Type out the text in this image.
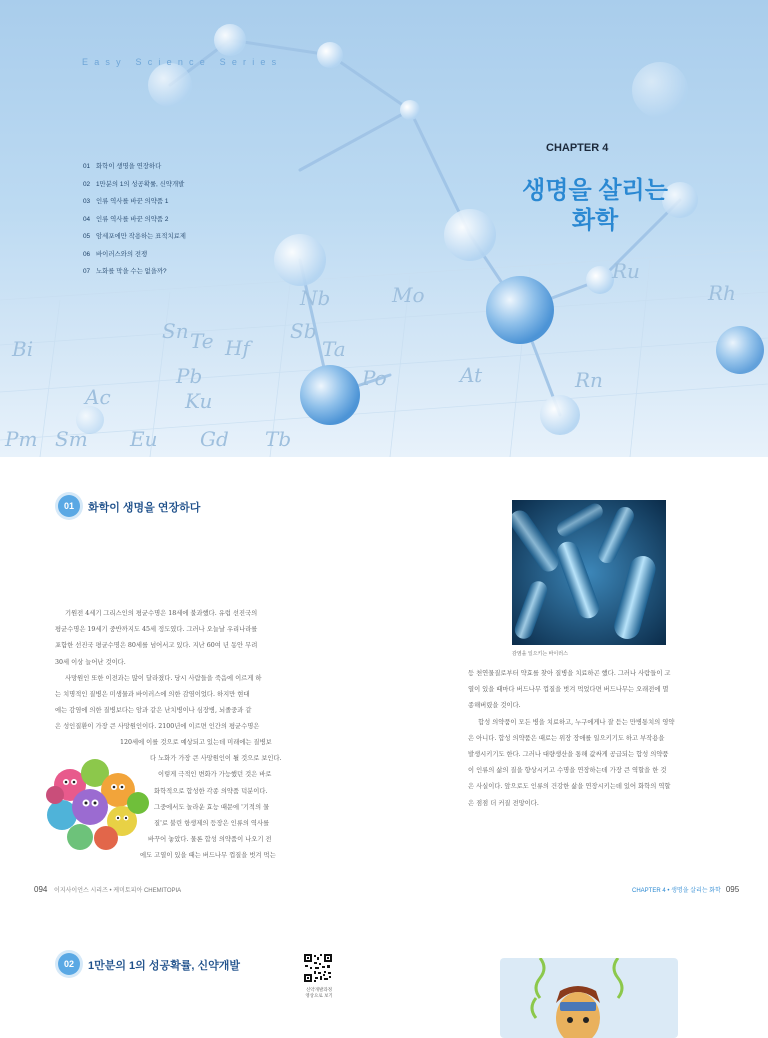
Ru
Rh
Mo
Nb
Sn	Sb
Te Hf	Ta
Po	At	Rn
Pb
Bi
Ac	Ku
Pm Sm Eu Gd Tb
Easy Science Series
01 화학이 생명을 연장하다
02 1만분의 1의 성공확률, 신약개발
03 인류 역사를 바꾼 의약품 1
04 인류 역사를 바꾼 의약품 2
05 암세포에만 작용하는 표적치료제
06 바이러스와의 전쟁
07 노화를 막을 수는 없을까?
CHAPTER 4
생명을 살리는
화학
01	화학이 생명을 연장하다

기원전 4세기 그리스인의 평균수명은 18세에 불과했다. 유럽 선진국의

평균수명은 19세기 중반까지도 45세 정도였다. 그러나 오늘날 우리나라를

포함한 선진국 평균수명은 80세를 넘어서고 있다. 지난 60여 년 동안 무려

30세 이상 늘어난 것이다.

사망원인 또한 이전과는 많이 달라졌다. 당시 사람들을 죽음에 이르게 하

는 치명적인 질병은 미생물과 바이러스에 의한 감염이었다. 하지만 현대

에는 감염에 의한 질병보다는 암과 같은 난치병이나 심장병, 뇌졸중과 같

은 성인질환이 가장 큰 사망원인이다. 2100년에 이르면 인간의 평균수명은

120세에 이를 것으로 예상되고 있는데 미래에는 질병보

다 노화가 가장 큰 사망원인이 될 것으로 보인다.

이렇게 극적인 변화가 가능했던 것은 바로

화학적으로 합성한 각종 의약품 덕분이다.

그중에서도 놀라운 효능 때문에 '기적의 물

질'로 불린 항생제의 등장은 인류의 역사를

바꾸어 놓았다. 물론 합성 의약품이 나오기 전

에도 고열이 있을 때는 버드나무 껍질을 벗겨 먹는

감염을 일으키는 바이러스

등 천연물질로부터 약효를 찾아 질병을 치료하곤 했다. 그러나 사람들이 고

열이 있을 때마다 버드나무 껍질을 벗겨 먹었다면 버드나무는 오래전에 멸

종해버렸을 것이다.

합성 의약품이 모든 병을 치료하고, 누구에게나 잘 듣는 만병통치의 영약

은 아니다. 합성 의약품은 때로는 위장 장애를 일으키기도 하고 부작용을

발생시키기도 한다. 그러나 대량생산을 통해 값싸게 공급되는 합성 의약품

이 인류의 삶의 질을 향상시키고 수명을 연장하는데 가장 큰 역할을 한 것

은 사실이다. 앞으로도 인류의 건강한 삶을 연장시키는데 있어 화학의 역할

은 점점 더 커질 전망이다.

094 이지사이언스 시리즈 • 케미토피아 CHEMITOPIA	CHAPTER 4 • 생명을 살리는 화학 095
02	1만분의 1의 성공확률, 신약개발
신약개발과정
영상으로 보기
